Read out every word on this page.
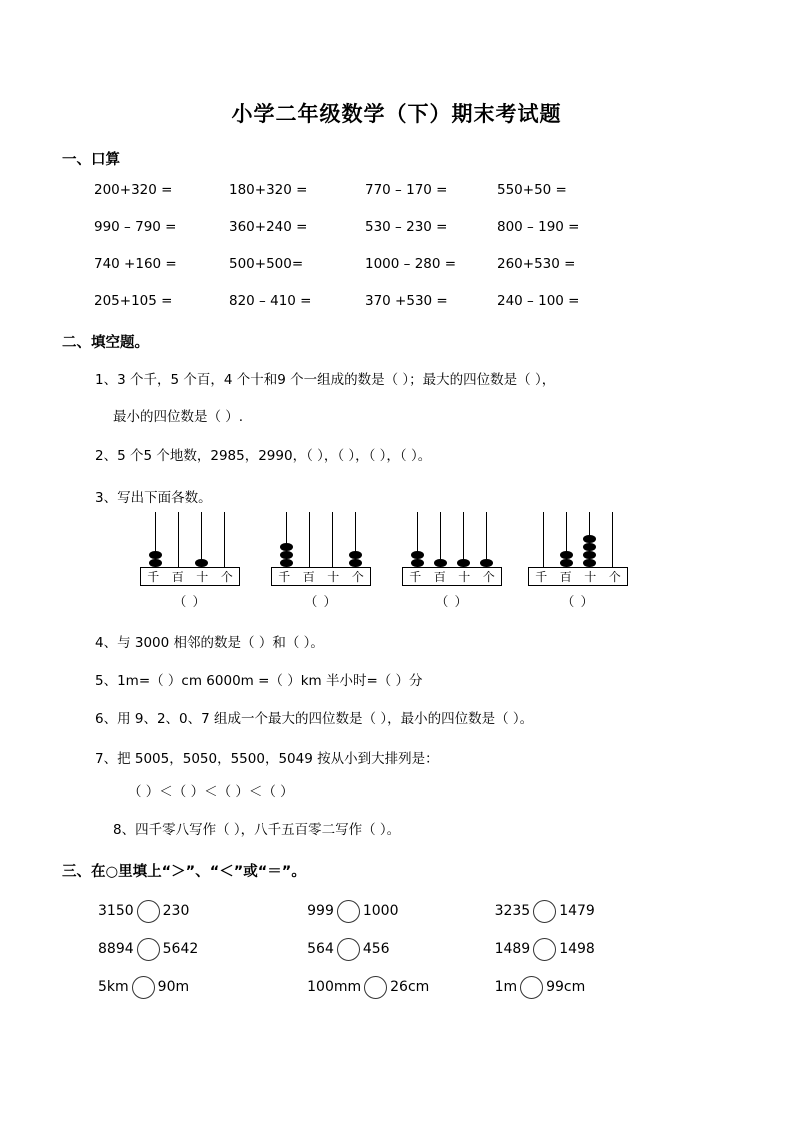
小学二年级数学（下）期末考试题
一、口算
200+320 =	180+320 =	770 – 170 =	550+50 =
990 – 790 =	360+240 =	530 – 230 =	800 – 190 =
740 +160 =	500+500=	1000 – 280 =	260+530 =
205+105 =	820 – 410 =	370 +530 =	240 – 100 =
二、填空题。
1、3 个千，5 个百，4 个十和9 个一组成的数是（ ）；最大的四位数是（ ），
最小的四位数是（ ）.
2、5 个5 个地数，2985，2990，（ ），（ ），（ ），（ ）。
3、写出下面各数。
千	百	十	个
（ ）
千	百	十	个
（ ）
千	百	十	个
（ ）
千	百	十	个
（ ）
4、与 3000 相邻的数是（ ）和（ ）。
5、1m=（ ）cm 6000m =（ ）km 半小时=（ ）分
6、用 9、2、0、7 组成一个最大的四位数是（ ），最小的四位数是（ ）。
7、把 5005，5050，5500，5049 按从小到大排列是：
（ ）＜（ ）＜（ ）＜（ ）
8、四千零八写作（ ），八千五百零二写作（ ）。
三、在○里填上“＞”、“＜”或“＝”。
3150 230	999 1000	3235 1479
8894 5642	564 456	1489 1498
5km 90m	100mm 26cm	1m 99cm
